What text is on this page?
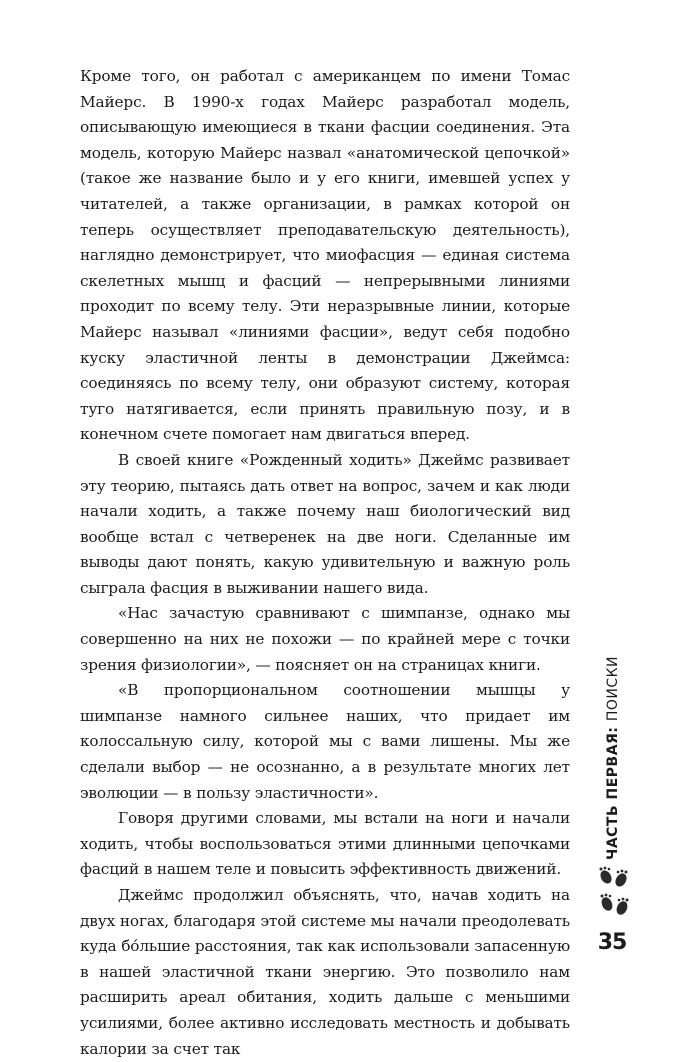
Кроме того, он работал с американцем по имени Томас Майерс. В 1990-х годах Майерс разработал модель, описывающую имеющиеся в ткани фасции соединения. Эта модель, которую Майерс назвал «анатомической цепочкой» (такое же название было и у его книги, имевшей успех у читателей, а также организации, в рамках которой он теперь осуществляет преподавательскую деятельность), наглядно демонстрирует, что миофасция — единая система скелетных мышц и фасций — непрерывными линиями проходит по всему телу. Эти неразрывные линии, которые Майерс называл «линиями фасции», ведут себя подобно куску эластичной ленты в демонстрации Джеймса: соединяясь по всему телу, они образуют систему, которая туго натягивается, если принять правильную позу, и в конечном счете помогает нам двигаться вперед.

В своей книге «Рожденный ходить» Джеймс развивает эту теорию, пытаясь дать ответ на вопрос, зачем и как люди начали ходить, а также почему наш биологический вид вообще встал с четверенек на две ноги. Сделанные им выводы дают понять, какую удивительную и важную роль сыграла фасция в выживании нашего вида.

«Нас зачастую сравнивают с шимпанзе, однако мы совершенно на них не похожи — по крайней мере с точки зрения физиологии», — поясняет он на страницах книги.

«В пропорциональном соотношении мышцы у шимпанзе намного сильнее наших, что придает им колоссальную силу, которой мы с вами лишены. Мы же сделали выбор — не осознанно, а в результате многих лет эволюции — в пользу эластичности».

Говоря другими словами, мы встали на ноги и начали ходить, чтобы воспользоваться этими длинными цепочками фасций в нашем теле и повысить эффективность движений.

Джеймс продолжил объяснять, что, начав ходить на двух ногах, благодаря этой системе мы начали преодолевать куда бо́льшие расстояния, так как использовали запасенную в нашей эластичной ткани энергию. Это позволило нам расширить ареал обитания, ходить дальше с меньшими усилиями, более активно исследовать местность и добывать калории за счет так

ЧАСТЬ ПЕРВАЯ: ПОИСКИ
35
